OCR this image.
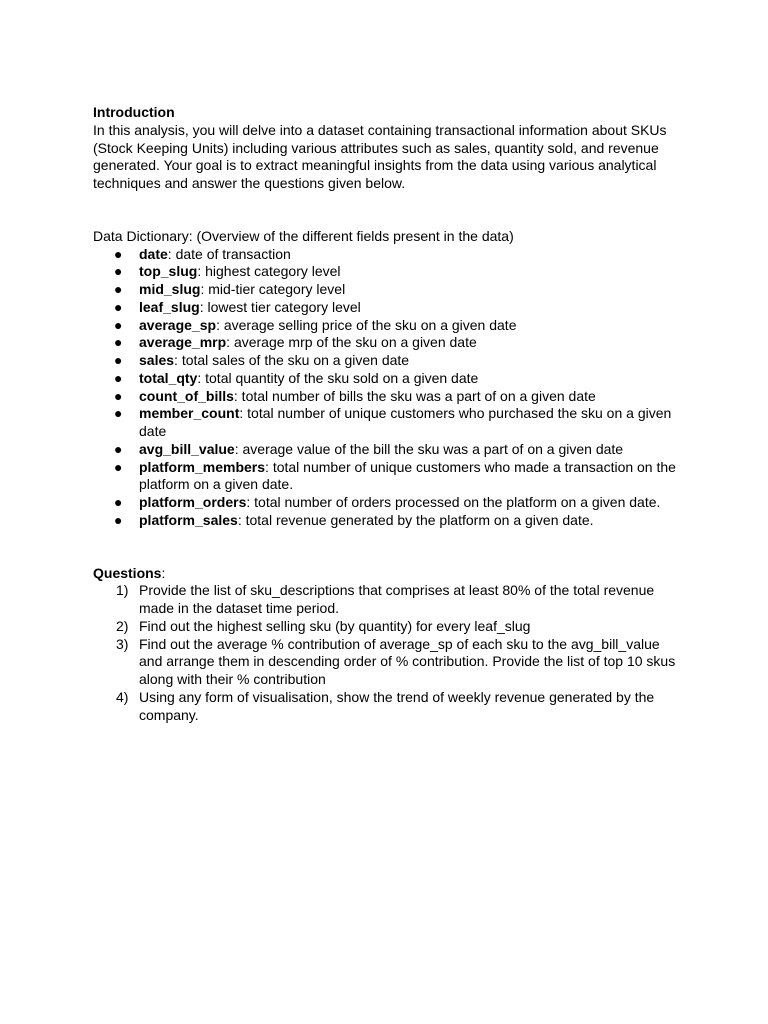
Introduction

In this analysis, you will delve into a dataset containing transactional information about SKUs (Stock Keeping Units) including various attributes such as sales, quantity sold, and revenue generated. Your goal is to extract meaningful insights from the data using various analytical techniques and answer the questions given below.

Data Dictionary: (Overview of the different fields present in the data)

● date: date of transaction
● top_slug: highest category level
● mid_slug: mid-tier category level
● leaf_slug: lowest tier category level
● average_sp: average selling price of the sku on a given date
● average_mrp: average mrp of the sku on a given date
● sales: total sales of the sku on a given date
● total_qty: total quantity of the sku sold on a given date
● count_of_bills: total number of bills the sku was a part of on a given date
● member_count: total number of unique customers who purchased the sku on a given date
● avg_bill_value: average value of the bill the sku was a part of on a given date
● platform_members: total number of unique customers who made a transaction on the platform on a given date.
● platform_orders: total number of orders processed on the platform on a given date.
● platform_sales: total revenue generated by the platform on a given date.

Questions:

1) Provide the list of sku_descriptions that comprises at least 80% of the total revenue made in the dataset time period.
2) Find out the highest selling sku (by quantity) for every leaf_slug
3) Find out the average % contribution of average_sp of each sku to the avg_bill_value and arrange them in descending order of % contribution. Provide the list of top 10 skus along with their % contribution
4) Using any form of visualisation, show the trend of weekly revenue generated by the company.
